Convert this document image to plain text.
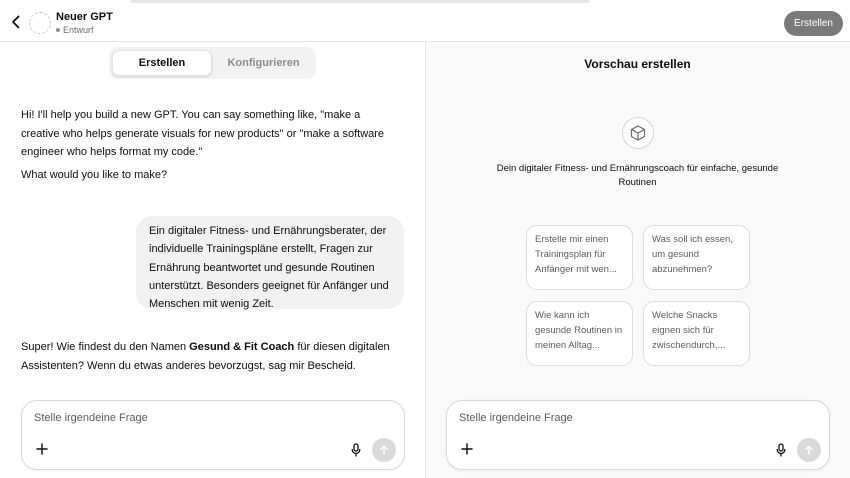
Neuer GPT
Entwurf
Erstellen
Erstellen	Konfigurieren
Hi! I'll help you build a new GPT. You can say something like, "make a creative who helps generate visuals for new products" or "make a software engineer who helps format my code."
What would you like to make?
Ein digitaler Fitness- und Ernährungsberater, der individuelle Trainingspläne erstellt, Fragen zur Ernährung beantwortet und gesunde Routinen unterstützt. Besonders geeignet für Anfänger und Menschen mit wenig Zeit.
Super! Wie findest du den Namen Gesund & Fit Coach für diesen digitalen Assistenten? Wenn du etwas anderes bevorzugst, sag mir Bescheid.
Stelle irgendeine Frage
Vorschau erstellen
Dein digitaler Fitness- und Ernährungscoach für einfache, gesunde Routinen
Erstelle mir einen Trainingsplan für Anfänger mit wen...
Was soll ich essen, um gesund abzunehmen?
Wie kann ich gesunde Routinen in meinen Alltag...
Welche Snacks eignen sich für zwischendurch,...
Stelle irgendeine Frage
